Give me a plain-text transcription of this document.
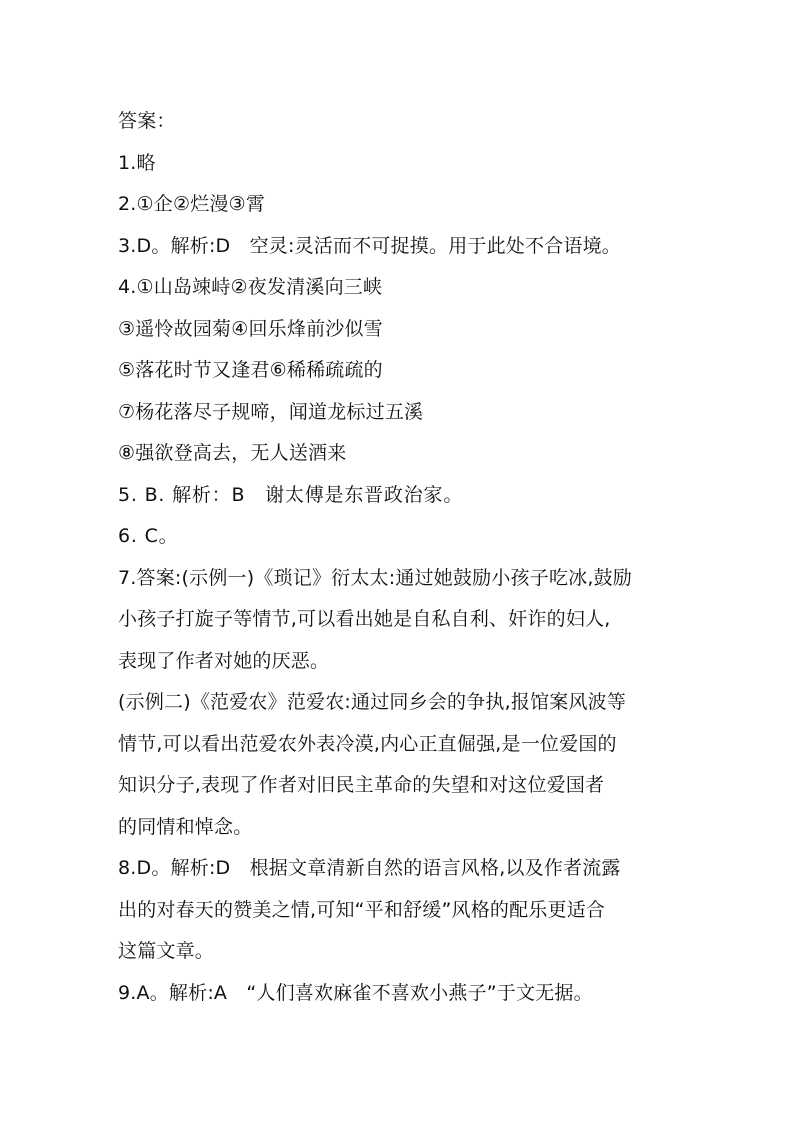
答案：
1.略
2.①企②烂漫③霄
3.D。解析:D　空灵:灵活而不可捉摸。用于此处不合语境。
4.①山岛竦峙②夜发清溪向三峡
③遥怜故园菊④回乐烽前沙似雪
⑤落花时节又逢君⑥稀稀疏疏的
⑦杨花落尽子规啼，闻道龙标过五溪
⑧强欲登高去，无人送酒来
5. B. 解析：B　谢太傅是东晋政治家。
6. C。
7.答案:(示例一)《琐记》衍太太:通过她鼓励小孩子吃冰,鼓励
小孩子打旋子等情节,可以看出她是自私自利、奸诈的妇人,
表现了作者对她的厌恶。
(示例二)《范爱农》范爱农:通过同乡会的争执,报馆案风波等
情节,可以看出范爱农外表冷漠,内心正直倔强,是一位爱国的
知识分子,表现了作者对旧民主革命的失望和对这位爱国者
的同情和悼念。
8.D。解析:D　根据文章清新自然的语言风格,以及作者流露
出的对春天的赞美之情,可知“平和舒缓”风格的配乐更适合
这篇文章。
9.A。解析:A　“人们喜欢麻雀不喜欢小燕子”于文无据。
